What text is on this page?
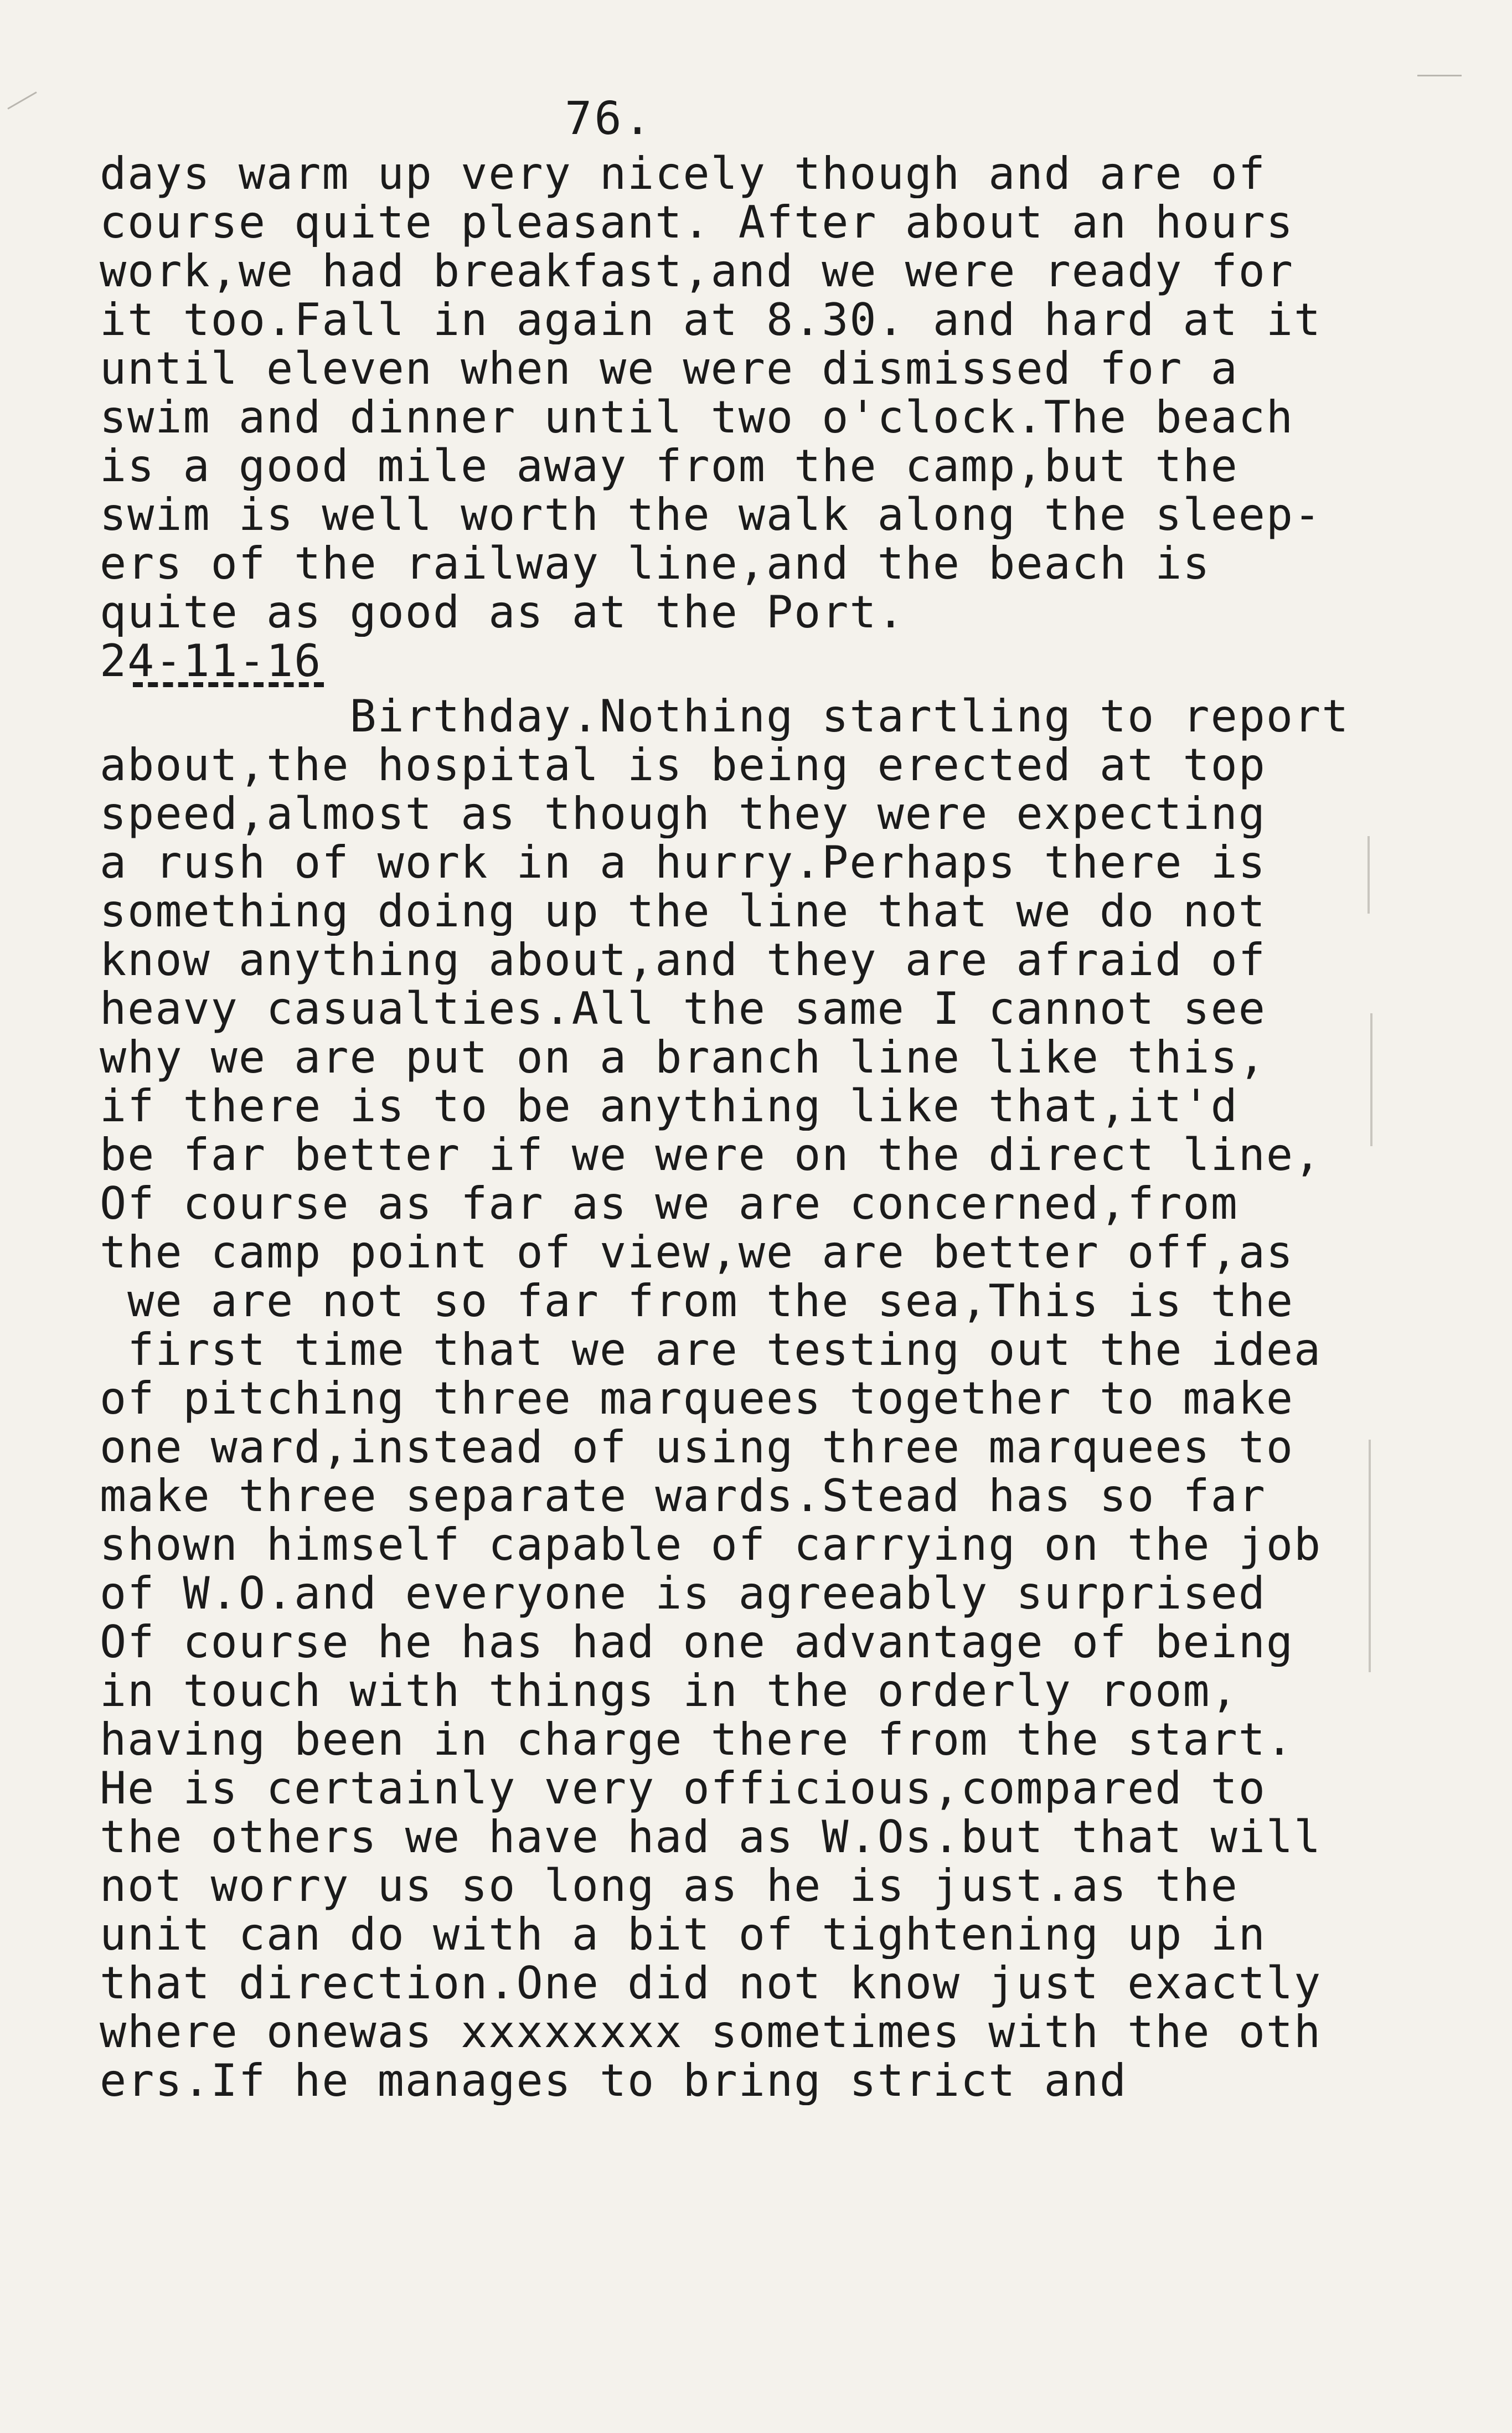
76.
days warm up very nicely though and are of
course quite pleasant. After about an hours
work,we had breakfast,and we were ready for
it too.Fall in again at 8.30. and hard at it
until eleven when we were dismissed for a
swim and dinner until two o'clock.The beach
is a good mile away from the camp,but the
swim is well worth the walk along the sleep-
ers of the railway line,and the beach is
quite as good as at the Port.
24-11-16
Birthday.Nothing startling to report
about,the hospital is being erected at top
speed,almost as though they were expecting
a rush of work in a hurry.Perhaps there is
something doing up the line that we do not
know anything about,and they are afraid of
heavy casualties.All the same I cannot see
why we are put on a branch line like this,
if there is to be anything like that,it'd
be far better if we were on the direct line,
Of course as far as we are concerned,from
the camp point of view,we are better off,as
we are not so far from the sea,This is the
first time that we are testing out the idea
of pitching three marquees together to make
one ward,instead of using three marquees to
make three separate wards.Stead has so far
shown himself capable of carrying on the job
of W.O.and everyone is agreeably surprised
Of course he has had one advantage of being
in touch with things in the orderly room,
having been in charge there from the start.
He is certainly very officious,compared to
the others we have had as W.Os.but that will
not worry us so long as he is just.as the
unit can do with a bit of tightening up in
that direction.One did not know just exactly
where onewas xxxxxxxx sometimes with the oth
ers.If he manages to bring strict and
